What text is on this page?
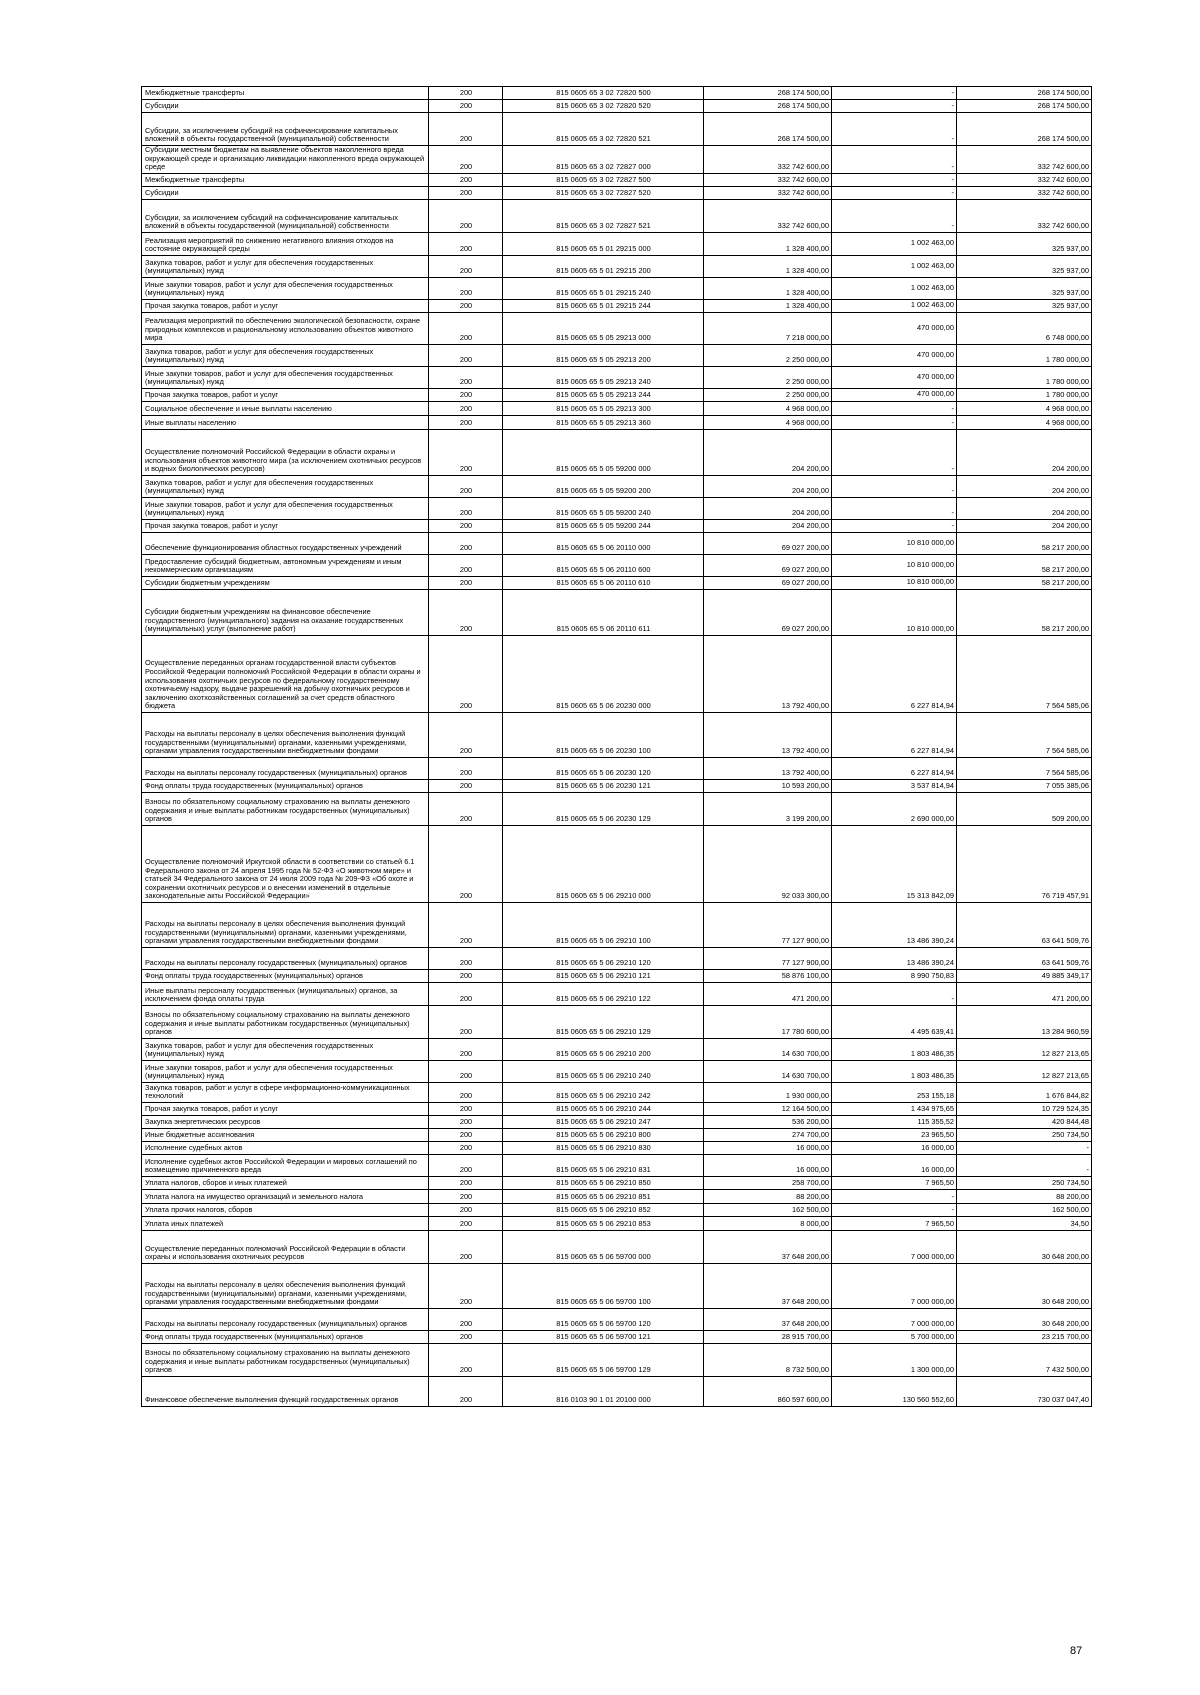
Межбюджетные трансферты	200	815 0605 65 3 02 72820 500	268 174 500,00	-	268 174 500,00
Субсидии	200	815 0605 65 3 02 72820 520	268 174 500,00	-	268 174 500,00
Субсидии, за исключением субсидий на софинансирование капитальных вложений в объекты государственной (муниципальной) собственности	200	815 0605 65 3 02 72820 521	268 174 500,00	-	268 174 500,00
Субсидии местным бюджетам на выявление объектов накопленного вреда окружающей среде и организацию ликвидации накопленного вреда окружающей среде	200	815 0605 65 3 02 72827 000	332 742 600,00	-	332 742 600,00
Межбюджетные трансферты	200	815 0605 65 3 02 72827 500	332 742 600,00	-	332 742 600,00
Субсидии	200	815 0605 65 3 02 72827 520	332 742 600,00	-	332 742 600,00
Субсидии, за исключением субсидий на софинансирование капитальных вложений в объекты государственной (муниципальной) собственности	200	815 0605 65 3 02 72827 521	332 742 600,00	-	332 742 600,00
Реализация мероприятий по снижению негативного влияния отходов на состояние окружающей среды	200	815 0605 65 5 01 29215 000	1 328 400,00	1 002 463,00	325 937,00
Закупка товаров, работ и услуг для обеспечения государственных (муниципальных) нужд	200	815 0605 65 5 01 29215 200	1 328 400,00	1 002 463,00	325 937,00
Иные закупки товаров, работ и услуг для обеспечения государственных (муниципальных) нужд	200	815 0605 65 5 01 29215 240	1 328 400,00	1 002 463,00	325 937,00
Прочая закупка товаров, работ и услуг	200	815 0605 65 5 01 29215 244	1 328 400,00	1 002 463,00	325 937,00
Реализация мероприятий по обеспечению экологической безопасности, охране природных комплексов и рациональному использованию объектов животного мира	200	815 0605 65 5 05 29213 000	7 218 000,00	470 000,00	6 748 000,00
Закупка товаров, работ и услуг для обеспечения государственных (муниципальных) нужд	200	815 0605 65 5 05 29213 200	2 250 000,00	470 000,00	1 780 000,00
Иные закупки товаров, работ и услуг для обеспечения государственных (муниципальных) нужд	200	815 0605 65 5 05 29213 240	2 250 000,00	470 000,00	1 780 000,00
Прочая закупка товаров, работ и услуг	200	815 0605 65 5 05 29213 244	2 250 000,00	470 000,00	1 780 000,00
Социальное обеспечение и иные выплаты населению	200	815 0605 65 5 05 29213 300	4 968 000,00	-	4 968 000,00
Иные выплаты населению	200	815 0605 65 5 05 29213 360	4 968 000,00	-	4 968 000,00
Осуществление полномочий Российской Федерации в области охраны и использования объектов животного мира (за исключением охотничьих ресурсов и водных биологических ресурсов)	200	815 0605 65 5 05 59200 000	204 200,00	-	204 200,00
Закупка товаров, работ и услуг для обеспечения государственных (муниципальных) нужд	200	815 0605 65 5 05 59200 200	204 200,00	-	204 200,00
Иные закупки товаров, работ и услуг для обеспечения государственных (муниципальных) нужд	200	815 0605 65 5 05 59200 240	204 200,00	-	204 200,00
Прочая закупка товаров, работ и услуг	200	815 0605 65 5 05 59200 244	204 200,00	-	204 200,00
Обеспечение функционирования областных государственных учреждений	200	815 0605 65 5 06 20110 000	69 027 200,00	10 810 000,00	58 217 200,00
Предоставление субсидий бюджетным, автономным учреждениям и иным некоммерческим организациям	200	815 0605 65 5 06 20110 600	69 027 200,00	10 810 000,00	58 217 200,00
Субсидии бюджетным учреждениям	200	815 0605 65 5 06 20110 610	69 027 200,00	10 810 000,00	58 217 200,00
Субсидии бюджетным учреждениям на финансовое обеспечение государственного (муниципального) задания на оказание государственных (муниципальных) услуг (выполнение работ)	200	815 0605 65 5 06 20110 611	69 027 200,00	10 810 000,00	58 217 200,00
Осуществление переданных органам государственной власти субъектов Российской Федерации полномочий Российской Федерации в области охраны и использования охотничьих ресурсов по федеральному государственному охотничьему надзору, выдаче разрешений на добычу охотничьих ресурсов и заключению охотхозяйственных соглашений за счет средств областного бюджета	200	815 0605 65 5 06 20230 000	13 792 400,00	6 227 814,94	7 564 585,06
Расходы на выплаты персоналу в целях обеспечения выполнения функций государственными (муниципальными) органами, казенными учреждениями, органами управления государственными внебюджетными фондами	200	815 0605 65 5 06 20230 100	13 792 400,00	6 227 814,94	7 564 585,06
Расходы на выплаты персоналу государственных (муниципальных) органов	200	815 0605 65 5 06 20230 120	13 792 400,00	6 227 814,94	7 564 585,06
Фонд оплаты труда государственных (муниципальных) органов	200	815 0605 65 5 06 20230 121	10 593 200,00	3 537 814,94	7 055 385,06
Взносы по обязательному социальному страхованию на выплаты денежного содержания и иные выплаты работникам государственных (муниципальных) органов	200	815 0605 65 5 06 20230 129	3 199 200,00	2 690 000,00	509 200,00
Осуществление полномочий Иркутской области в соответствии со статьей 6.1 Федерального закона от 24 апреля 1995 года № 52-ФЗ «О животном мире» и статьей 34 Федерального закона от 24 июля 2009 года № 209-ФЗ «Об охоте и сохранении охотничьих ресурсов и о внесении изменений в отдельные законодательные акты Российской Федерации»	200	815 0605 65 5 06 29210 000	92 033 300,00	15 313 842,09	76 719 457,91
Расходы на выплаты персоналу в целях обеспечения выполнения функций государственными (муниципальными) органами, казенными учреждениями, органами управления государственными внебюджетными фондами	200	815 0605 65 5 06 29210 100	77 127 900,00	13 486 390,24	63 641 509,76
Расходы на выплаты персоналу государственных (муниципальных) органов	200	815 0605 65 5 06 29210 120	77 127 900,00	13 486 390,24	63 641 509,76
Фонд оплаты труда государственных (муниципальных) органов	200	815 0605 65 5 06 29210 121	58 876 100,00	8 990 750,83	49 885 349,17
Иные выплаты персоналу государственных (муниципальных) органов, за исключением фонда оплаты труда	200	815 0605 65 5 06 29210 122	471 200,00	-	471 200,00
Взносы по обязательному социальному страхованию на выплаты денежного содержания и иные выплаты работникам государственных (муниципальных) органов	200	815 0605 65 5 06 29210 129	17 780 600,00	4 495 639,41	13 284 960,59
Закупка товаров, работ и услуг для обеспечения государственных (муниципальных) нужд	200	815 0605 65 5 06 29210 200	14 630 700,00	1 803 486,35	12 827 213,65
Иные закупки товаров, работ и услуг для обеспечения государственных (муниципальных) нужд	200	815 0605 65 5 06 29210 240	14 630 700,00	1 803 486,35	12 827 213,65
Закупка товаров, работ и услуг в сфере информационно-коммуникационных технологий	200	815 0605 65 5 06 29210 242	1 930 000,00	253 155,18	1 676 844,82
Прочая закупка товаров, работ и услуг	200	815 0605 65 5 06 29210 244	12 164 500,00	1 434 975,65	10 729 524,35
Закупка энергетических ресурсов	200	815 0605 65 5 06 29210 247	536 200,00	115 355,52	420 844,48
Иные бюджетные ассигнования	200	815 0605 65 5 06 29210 800	274 700,00	23 965,50	250 734,50
Исполнение судебных актов	200	815 0605 65 5 06 29210 830	16 000,00	16 000,00	-
Исполнение судебных актов Российской Федерации и мировых соглашений по возмещению причиненного вреда	200	815 0605 65 5 06 29210 831	16 000,00	16 000,00	-
Уплата налогов, сборов и иных платежей	200	815 0605 65 5 06 29210 850	258 700,00	7 965,50	250 734,50
Уплата налога на имущество организаций и земельного налога	200	815 0605 65 5 06 29210 851	88 200,00	-	88 200,00
Уплата прочих налогов, сборов	200	815 0605 65 5 06 29210 852	162 500,00	-	162 500,00
Уплата иных платежей	200	815 0605 65 5 06 29210 853	8 000,00	7 965,50	34,50
Осуществление переданных полномочий Российской Федерации в области охраны и использования охотничьих ресурсов	200	815 0605 65 5 06 59700 000	37 648 200,00	7 000 000,00	30 648 200,00
Расходы на выплаты персоналу в целях обеспечения выполнения функций государственными (муниципальными) органами, казенными учреждениями, органами управления государственными внебюджетными фондами	200	815 0605 65 5 06 59700 100	37 648 200,00	7 000 000,00	30 648 200,00
Расходы на выплаты персоналу государственных (муниципальных) органов	200	815 0605 65 5 06 59700 120	37 648 200,00	7 000 000,00	30 648 200,00
Фонд оплаты труда государственных (муниципальных) органов	200	815 0605 65 5 06 59700 121	28 915 700,00	5 700 000,00	23 215 700,00
Взносы по обязательному социальному страхованию на выплаты денежного содержания и иные выплаты работникам государственных (муниципальных) органов	200	815 0605 65 5 06 59700 129	8 732 500,00	1 300 000,00	7 432 500,00
Финансовое обеспечение выполнения функций государственных органов	200	816 0103 90 1 01 20100 000	860 597 600,00	130 560 552,60	730 037 047,40
87
